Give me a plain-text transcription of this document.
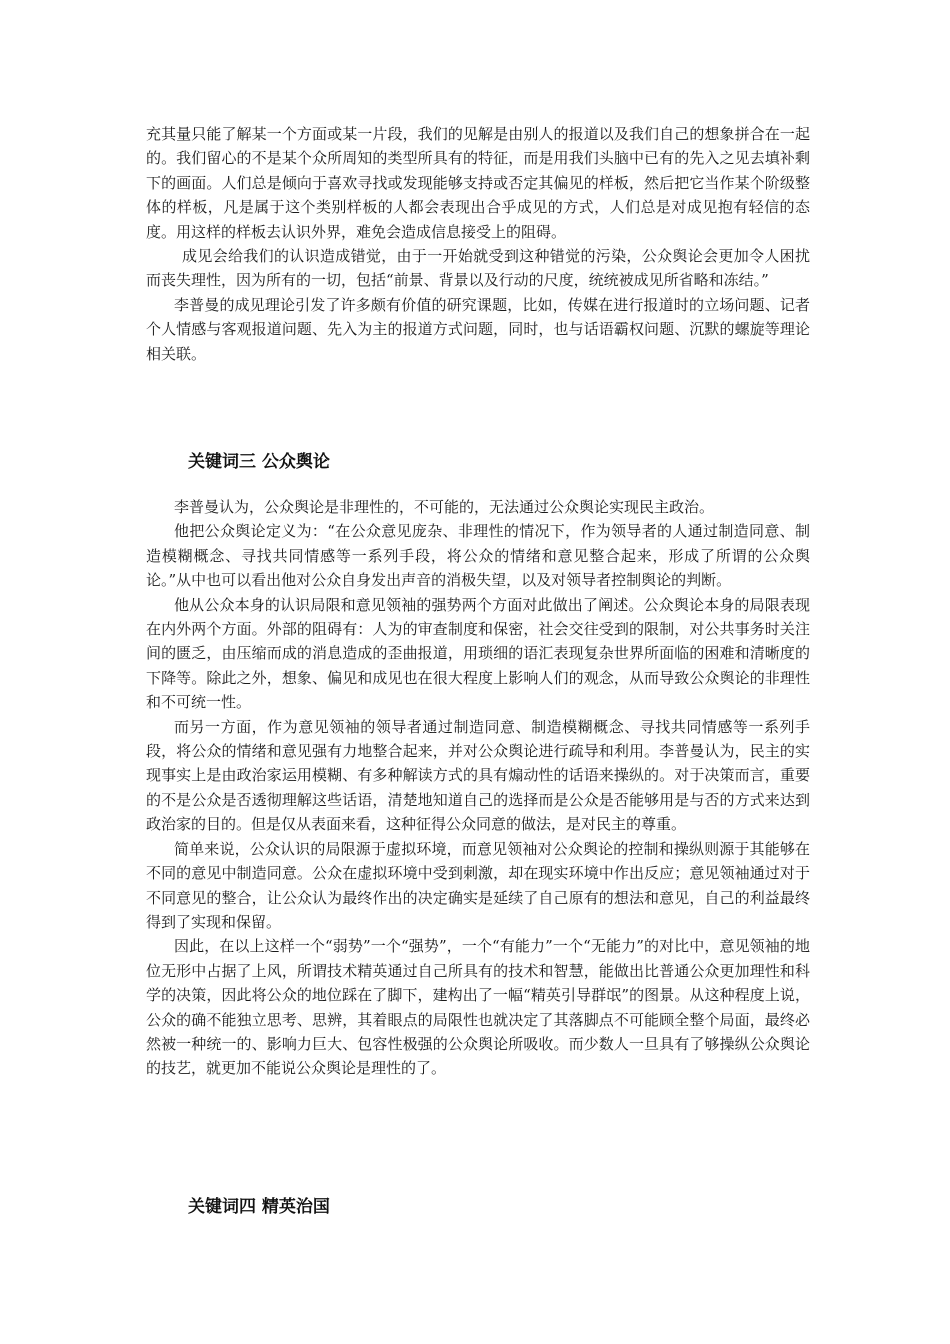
充其量只能了解某一个方面或某一片段，我们的见解是由别人的报道以及我们自己的想象拼合在一起的。我们留心的不是某个众所周知的类型所具有的特征，而是用我们头脑中已有的先入之见去填补剩下的画面。人们总是倾向于喜欢寻找或发现能够支持或否定其偏见的样板，然后把它当作某个阶级整体的样板，凡是属于这个类别样板的人都会表现出合乎成见的方式，人们总是对成见抱有轻信的态度。用这样的样板去认识外界，难免会造成信息接受上的阻碍。

成见会给我们的认识造成错觉，由于一开始就受到这种错觉的污染，公众舆论会更加令人困扰而丧失理性，因为所有的一切，包括“前景、背景以及行动的尺度，统统被成见所省略和冻结。”

李普曼的成见理论引发了许多颇有价值的研究课题，比如，传媒在进行报道时的立场问题、记者个人情感与客观报道问题、先入为主的报道方式问题，同时，也与话语霸权问题、沉默的螺旋等理论相关联。

关键词三 公众舆论

李普曼认为，公众舆论是非理性的，不可能的，无法通过公众舆论实现民主政治。

他把公众舆论定义为：“在公众意见庞杂、非理性的情况下，作为领导者的人通过制造同意、制造模糊概念、寻找共同情感等一系列手段，将公众的情绪和意见整合起来，形成了所谓的公众舆论。”从中也可以看出他对公众自身发出声音的消极失望，以及对领导者控制舆论的判断。

他从公众本身的认识局限和意见领袖的强势两个方面对此做出了阐述。公众舆论本身的局限表现在内外两个方面。外部的阻碍有：人为的审查制度和保密，社会交往受到的限制，对公共事务时关注间的匮乏，由压缩而成的消息造成的歪曲报道，用琐细的语汇表现复杂世界所面临的困难和清晰度的下降等。除此之外，想象、偏见和成见也在很大程度上影响人们的观念，从而导致公众舆论的非理性和不可统一性。

而另一方面，作为意见领袖的领导者通过制造同意、制造模糊概念、寻找共同情感等一系列手段，将公众的情绪和意见强有力地整合起来，并对公众舆论进行疏导和利用。李普曼认为，民主的实现事实上是由政治家运用模糊、有多种解读方式的具有煽动性的话语来操纵的。对于决策而言，重要的不是公众是否透彻理解这些话语，清楚地知道自己的选择而是公众是否能够用是与否的方式来达到政治家的目的。但是仅从表面来看，这种征得公众同意的做法，是对民主的尊重。

简单来说，公众认识的局限源于虚拟环境，而意见领袖对公众舆论的控制和操纵则源于其能够在不同的意见中制造同意。公众在虚拟环境中受到刺激，却在现实环境中作出反应；意见领袖通过对于不同意见的整合，让公众认为最终作出的决定确实是延续了自己原有的想法和意见，自己的利益最终得到了实现和保留。

因此，在以上这样一个“弱势”一个“强势”，一个“有能力”一个“无能力”的对比中，意见领袖的地位无形中占据了上风，所谓技术精英通过自己所具有的技术和智慧，能做出比普通公众更加理性和科学的决策，因此将公众的地位踩在了脚下，建构出了一幅“精英引导群氓”的图景。从这种程度上说，公众的确不能独立思考、思辨，其着眼点的局限性也就决定了其落脚点不可能顾全整个局面，最终必然被一种统一的、影响力巨大、包容性极强的公众舆论所吸收。而少数人一旦具有了够操纵公众舆论的技艺，就更加不能说公众舆论是理性的了。

关键词四 精英治国
